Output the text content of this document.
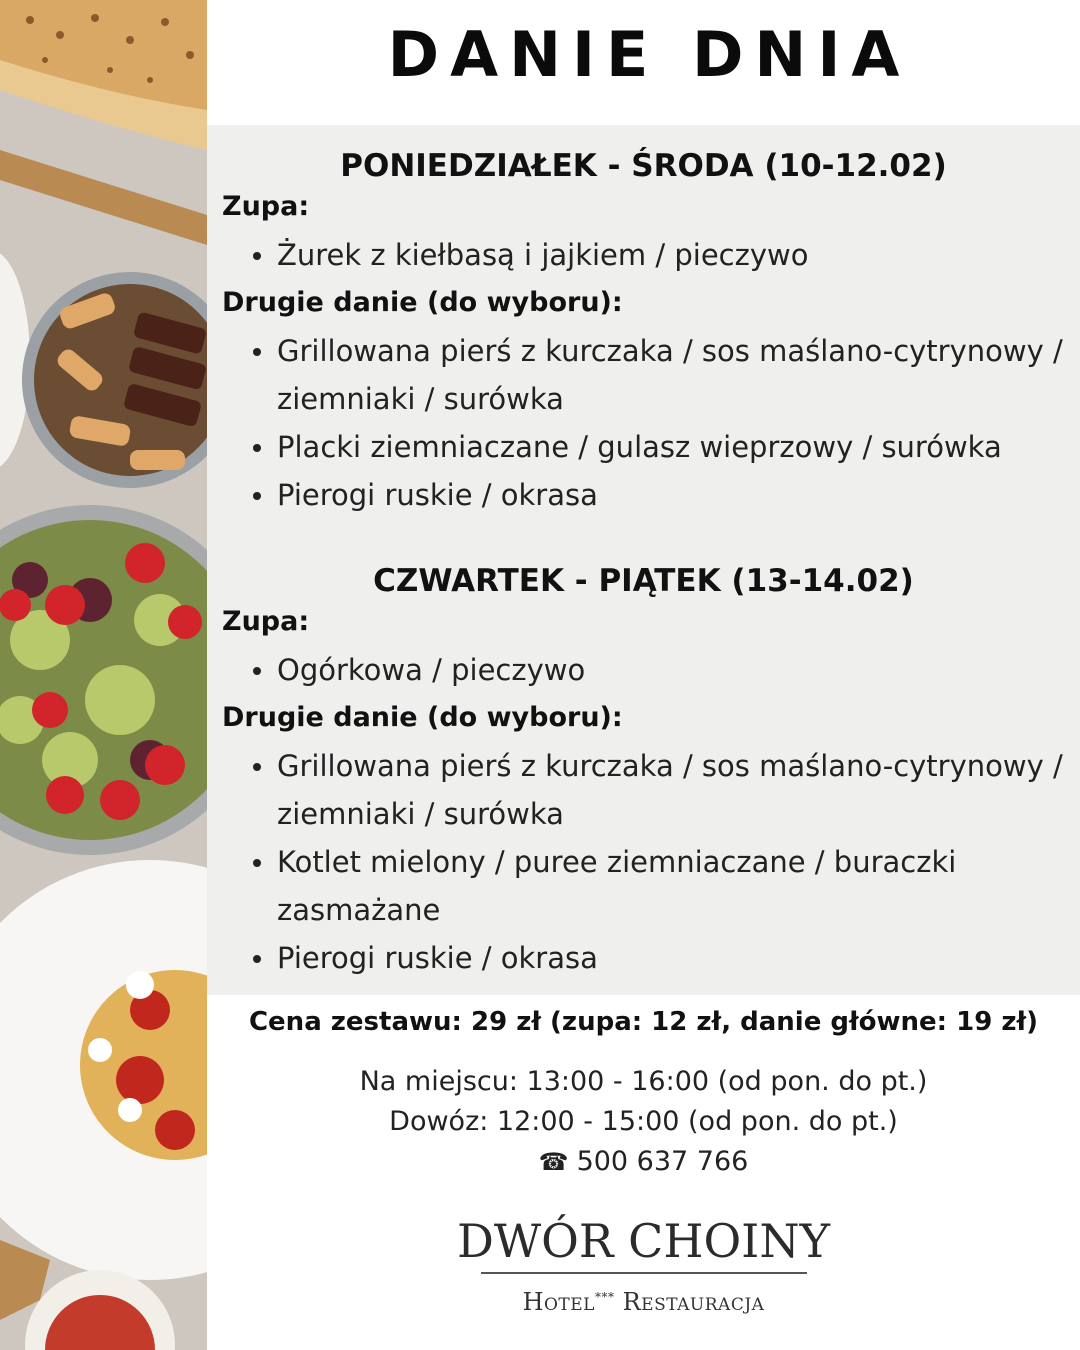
DANIE DNIA
PONIEDZIAŁEK - ŚRODA (10-12.02)

Zupa:

Żurek z kiełbasą i jajkiem / pieczywo

Drugie danie (do wyboru):

Grillowana pierś z kurczaka / sos maślano-cytrynowy / ziemniaki / surówka
Placki ziemniaczane / gulasz wieprzowy / surówka
Pierogi ruskie / okrasa
CZWARTEK - PIĄTEK (13-14.02)

Zupa:

Ogórkowa / pieczywo

Drugie danie (do wyboru):

Grillowana pierś z kurczaka / sos maślano-cytrynowy / ziemniaki / surówka
Kotlet mielony / puree ziemniaczane / buraczki zasmażane
Pierogi ruskie / okrasa

Cena zestawu: 29 zł (zupa: 12 zł, danie główne: 19 zł)

Na miejscu: 13:00 - 16:00 (od pon. do pt.)
Dowóz: 12:00 - 15:00 (od pon. do pt.)
☎ 500 637 766
DWÓR CHOINY
Hotel*** Restauracja
